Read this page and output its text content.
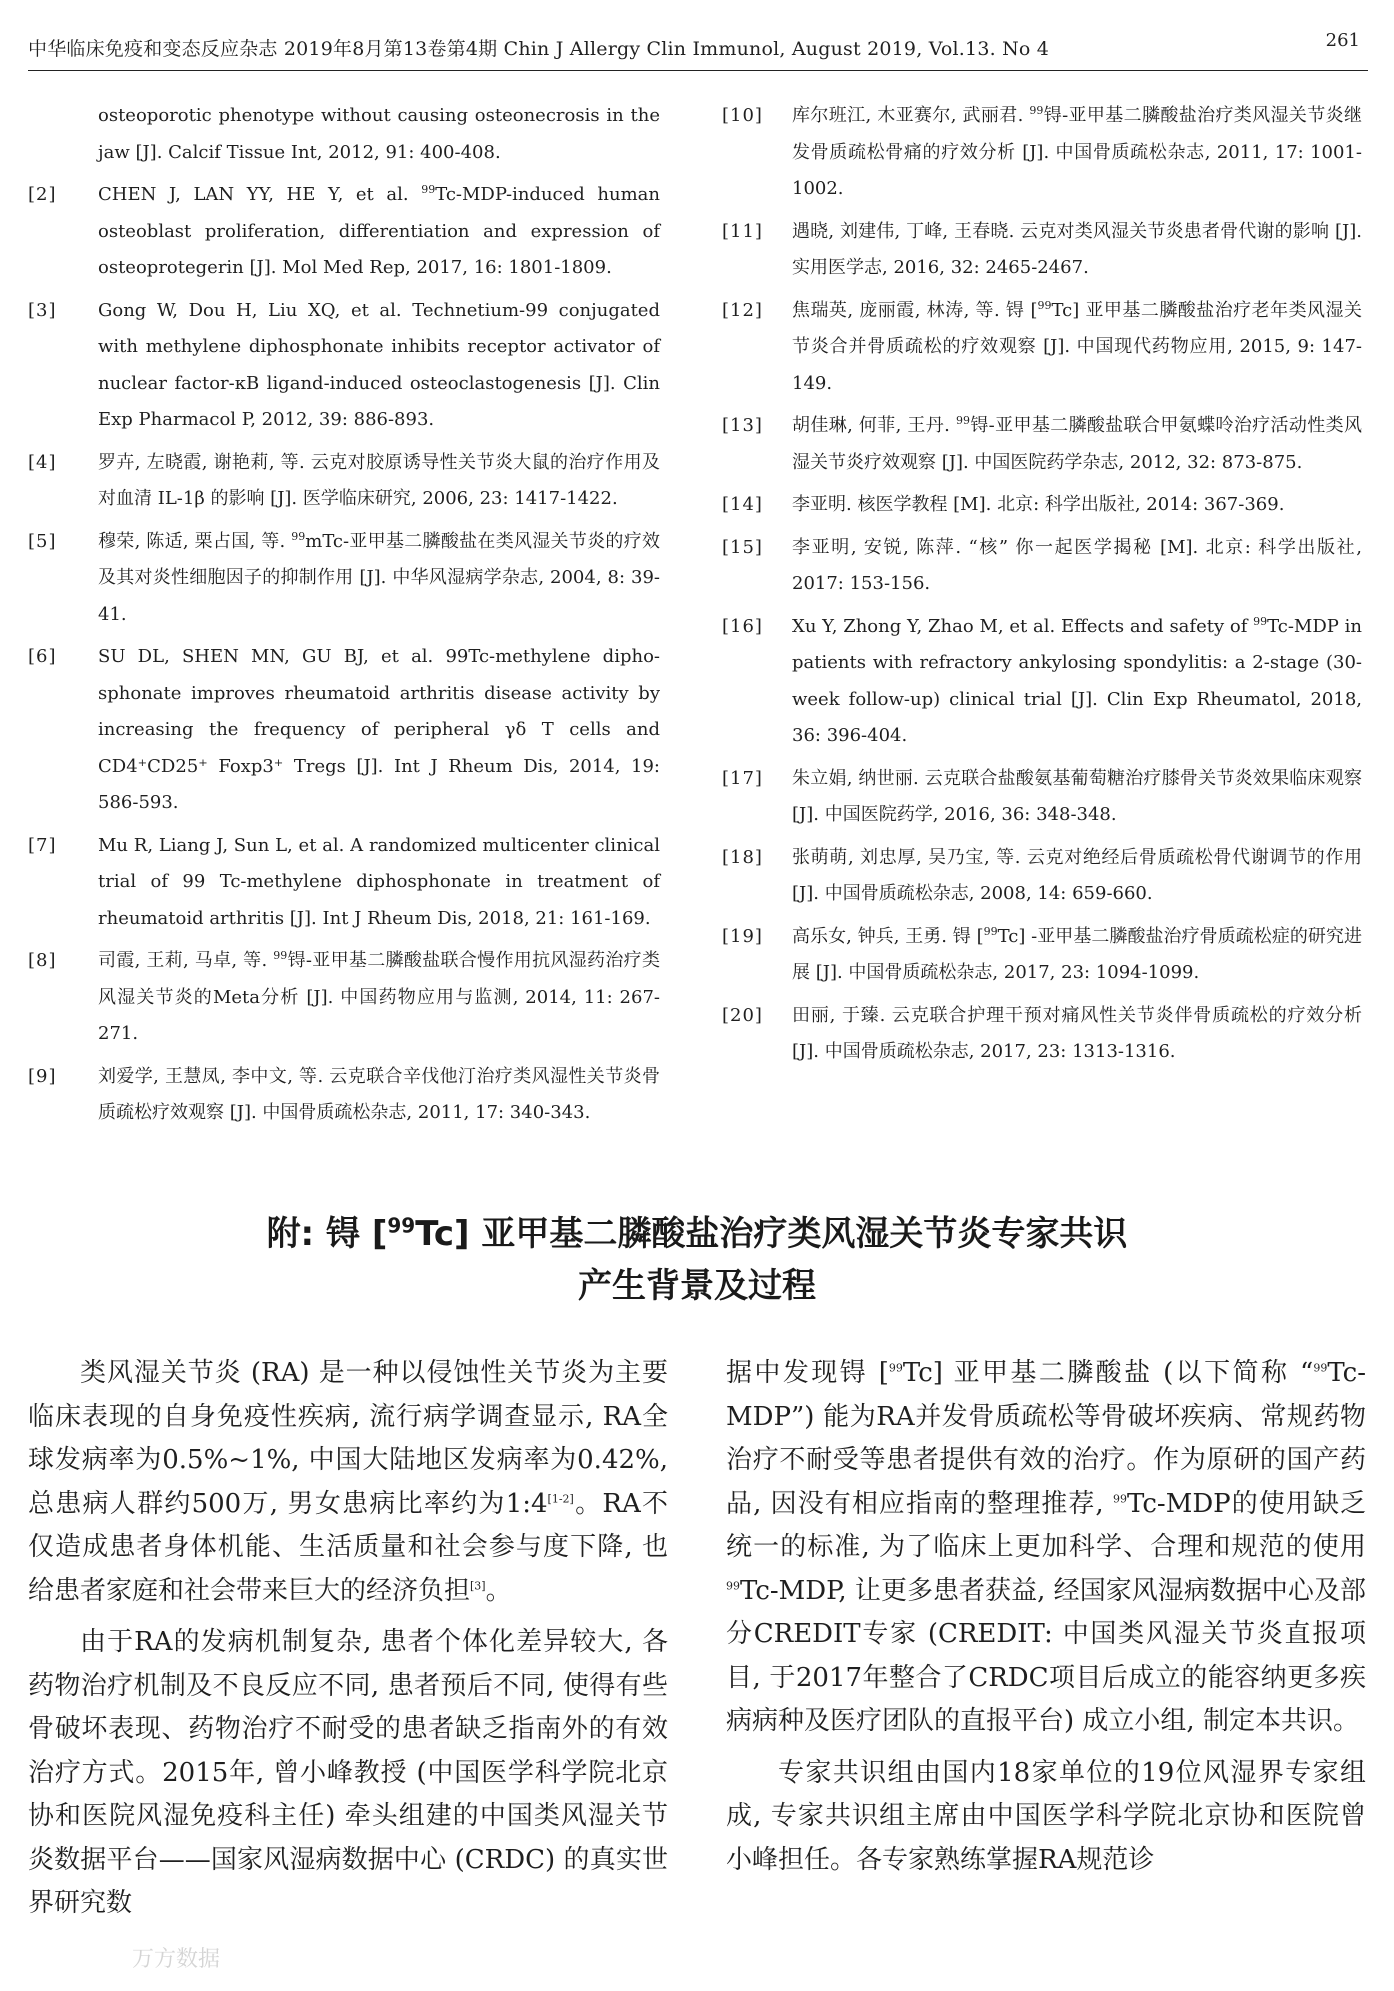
中华临床免疫和变态反应杂志 2019年8月第13卷第4期 Chin J Allergy Clin Immunol, August 2019, Vol.13. No 4	261
osteoporotic phenotype without causing osteonecrosis in the jaw [J]. Calcif Tissue Int, 2012, 91: 400-408.
[2]	CHEN J, LAN YY, HE Y, et al. $^{99}$Tc-MDP-induced human osteoblast proliferation, differentiation and expression of osteoprotegerin [J]. Mol Med Rep, 2017, 16: 1801-1809.
[3]	Gong W, Dou H, Liu XQ, et al. Technetium-99 conjugated with methylene diphosphonate inhibits receptor activator of nuclear factor-κB ligand-induced osteoclastogenesis [J]. Clin Exp Pharmacol P, 2012, 39: 886-893.
[4]	罗卉, 左晓霞, 谢艳莉, 等. 云克对胶原诱导性关节炎大鼠的治疗作用及对血清 IL-1β 的影响 [J]. 医学临床研究, 2006, 23: 1417-1422.
[5]	穆荣, 陈适, 栗占国, 等. $^{99}$mTc-亚甲基二膦酸盐在类风湿关节炎的疗效及其对炎性细胞因子的抑制作用 [J]. 中华风湿病学杂志, 2004, 8: 39-41.
[6]	SU DL, SHEN MN, GU BJ, et al. 99Tc-methylene dipho-sphonate improves rheumatoid arthritis disease activity by increasing the frequency of peripheral γδ T cells and CD4⁺CD25⁺ Foxp3⁺ Tregs [J]. Int J Rheum Dis, 2014, 19: 586-593.
[7]	Mu R, Liang J, Sun L, et al. A randomized multicenter clinical trial of 99 Tc-methylene diphosphonate in treatment of rheumatoid arthritis [J]. Int J Rheum Dis, 2018, 21: 161-169.
[8]	司霞, 王莉, 马卓, 等. $^{99}$锝-亚甲基二膦酸盐联合慢作用抗风湿药治疗类风湿关节炎的Meta分析 [J]. 中国药物应用与监测, 2014, 11: 267-271.
[9]	刘爱学, 王慧凤, 李中文, 等. 云克联合辛伐他汀治疗类风湿性关节炎骨质疏松疗效观察 [J]. 中国骨质疏松杂志, 2011, 17: 340-343.
[10]	库尔班江, 木亚赛尔, 武丽君. $^{99}$锝-亚甲基二膦酸盐治疗类风湿关节炎继发骨质疏松骨痛的疗效分析 [J]. 中国骨质疏松杂志, 2011, 17: 1001-1002.
[11]	遇晓, 刘建伟, 丁峰, 王春晓. 云克对类风湿关节炎患者骨代谢的影响 [J]. 实用医学志, 2016, 32: 2465-2467.
[12]	焦瑞英, 庞丽霞, 林涛, 等. 锝 [$^{99}$Tc] 亚甲基二膦酸盐治疗老年类风湿关节炎合并骨质疏松的疗效观察 [J]. 中国现代药物应用, 2015, 9: 147-149.
[13]	胡佳琳, 何菲, 王丹. $^{99}$锝-亚甲基二膦酸盐联合甲氨蝶呤治疗活动性类风湿关节炎疗效观察 [J]. 中国医院药学杂志, 2012, 32: 873-875.
[14]	李亚明. 核医学教程 [M]. 北京: 科学出版社, 2014: 367-369.
[15]	李亚明, 安锐, 陈萍. “核” 你一起医学揭秘 [M]. 北京: 科学出版社, 2017: 153-156.
[16]	Xu Y, Zhong Y, Zhao M, et al. Effects and safety of $^{99}$Tc-MDP in patients with refractory ankylosing spondylitis: a 2-stage (30-week follow-up) clinical trial [J]. Clin Exp Rheumatol, 2018, 36: 396-404.
[17]	朱立娟, 纳世丽. 云克联合盐酸氨基葡萄糖治疗膝骨关节炎效果临床观察 [J]. 中国医院药学, 2016, 36: 348-348.
[18]	张萌萌, 刘忠厚, 吴乃宝, 等. 云克对绝经后骨质疏松骨代谢调节的作用 [J]. 中国骨质疏松杂志, 2008, 14: 659-660.
[19]	高乐女, 钟兵, 王勇. 锝 [$^{99}$Tc] -亚甲基二膦酸盐治疗骨质疏松症的研究进展 [J]. 中国骨质疏松杂志, 2017, 23: 1094-1099.
[20]	田丽, 于臻. 云克联合护理干预对痛风性关节炎伴骨质疏松的疗效分析 [J]. 中国骨质疏松杂志, 2017, 23: 1313-1316.
附: 锝 [$^{99}$Tc] 亚甲基二膦酸盐治疗类风湿关节炎专家共识
产生背景及过程

类风湿关节炎 (RA) 是一种以侵蚀性关节炎为主要临床表现的自身免疫性疾病, 流行病学调查显示, RA全球发病率为0.5%~1%, 中国大陆地区发病率为0.42%, 总患病人群约500万, 男女患病比率约为1:4[1-2]。RA不仅造成患者身体机能、生活质量和社会参与度下降, 也给患者家庭和社会带来巨大的经济负担[3]。

由于RA的发病机制复杂, 患者个体化差异较大, 各药物治疗机制及不良反应不同, 患者预后不同, 使得有些骨破坏表现、药物治疗不耐受的患者缺乏指南外的有效治疗方式。2015年, 曾小峰教授 (中国医学科学院北京协和医院风湿免疫科主任) 牵头组建的中国类风湿关节炎数据平台——国家风湿病数据中心 (CRDC) 的真实世界研究数

据中发现锝 [$^{99}$Tc] 亚甲基二膦酸盐 (以下简称 “$^{99}$Tc-MDP”) 能为RA并发骨质疏松等骨破坏疾病、常规药物治疗不耐受等患者提供有效的治疗。作为原研的国产药品, 因没有相应指南的整理推荐, $^{99}$Tc-MDP的使用缺乏统一的标准, 为了临床上更加科学、合理和规范的使用$^{99}$Tc-MDP, 让更多患者获益, 经国家风湿病数据中心及部分CREDIT专家 (CREDIT: 中国类风湿关节炎直报项目, 于2017年整合了CRDC项目后成立的能容纳更多疾病病种及医疗团队的直报平台) 成立小组, 制定本共识。

专家共识组由国内18家单位的19位风湿界专家组成, 专家共识组主席由中国医学科学院北京协和医院曾小峰担任。各专家熟练掌握RA规范诊

万方数据
